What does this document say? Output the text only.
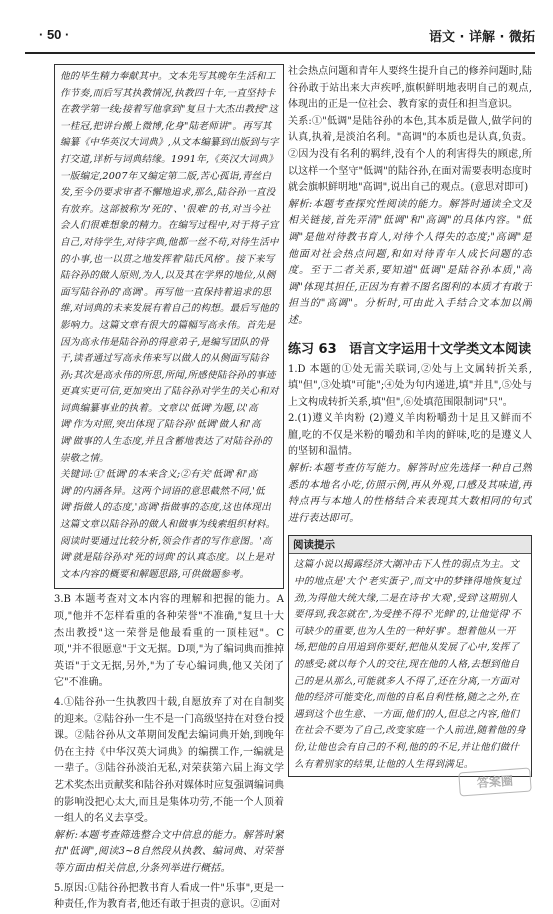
· 50 ·	语文 · 详解 · 微拓

他的毕生精力奉献其中。文本先写其晚年生活和工作节奏,而后写其执教情况,执教四十年,一直坚持卡在教学第一线;接着写他拿到"复旦十大杰出教授"这一桂冠,把讲台搬上微博,化身"陆老师讲"。再写其编纂《中华英汉大词典》,从文本编纂到出版到与字打交道,详析与词典结缘。1991年,《英汉大词典》一版编定,2007年又编定第二版,苦心孤诣,青丝白发,至今仍要求审者不懈地追求,那么,陆谷孙一直没有放弃。这部被称为'死的'、'很难'的书,对当今社会人们很难想象的精力。在编写过程中,对于将子宜自己,对待学生,对待字典,他都一丝不苟,对待生活中的小事,也一以贯之地发挥着'陆氏风格'。接下来写陆谷孙的做人原则,为人,以及其在学界的地位,从侧面写陆谷孙的'高调'。再写他一直保持着追求的思维,对词典的未来发展有着自己的构想。最后写他的影响力。这篇文章有很大的篇幅写高永伟。首先是因为高永伟是陆谷孙的得意弟子,是编写团队的骨干,读者通过写高永伟来写以做人的从侧面写陆谷孙;其次是高永伟的所思,所闻,所感使陆谷孙的事迹更真实更可信,更加突出了陆谷孙对学生的关心和对词典编纂事业的执着。文章以'低调'为题,以'高调'作为对照,突出体现了陆谷孙'低调'做人和'高调'做事的人生态度,并且含蓄地表达了对陆谷孙的崇敬之情。

关键词:①'低调'的本来含义;②有关'低调'和'高调'的内涵各异。这两个词语的意思截然不同,'低调'指做人的态度,'高调'指做事的态度,这也体现出这篇文章以陆谷孙的做人和做事为线索组织材料。阅读时要通过比较分析,领会作者的写作意图。'高调'就是陆谷孙对'死的词典'的认真态度。以上是对文本内容的概要和解题思路,可供做题参考。

3.B 本题考查对文本内容的理解和把握的能力。A项,"他并不怎样看重的各种荣誉"不准确,"复旦十大杰出教授"这一荣誉是他最看重的一顶桂冠"。C项,"并不很愿意"于文无据。D项,"为了编词典而推掉英语"于文无据,另外,"为了专心编词典,他又关闭了它"不准确。

4.①陆谷孙一生执教四十载,自愿放弃了对在自制奖的迎来。②陆谷孙一生不是一门高级坚持在对登台授课。②陆谷孙从文革期间发配去编词典开始,到晚年仍在主持《中华汉英大词典》的编撰工作,一编就是一辈子。③陆谷孙淡泊无私,对荣获第六届上海文学艺术奖杰出贡献奖和陆谷孙对媒体时应复强调编词典的影响没把心太大,而且是集体功劳,不能一个人顶着一组人的名义去享受。

解析:本题考查筛选整合文中信息的能力。解答时紧扣"低调",阅读3~8自然段从执教、编词典、对荣誉等方面由相关信息,分条列举进行概括。

5.原因:①陆谷孙把教书育人看成一件"乐事",更是一种责任,作为教育者,他还有敢于担责的意识。②面对

社会热点问题和青年人要终生提升自己的修养问题时,陆谷孙敢于站出来大声疾呼,旗帜鲜明地表明自己的观点,体现出的正是一位社会、教育家的责任和担当意识。

关系:①"低调"是陆谷孙的本色,其本质是做人,做学问的认真,执着,是淡泊名利。"高调"的本质也是认真,负责。②因为没有名利的羁绊,没有个人的利害得失的顾虑,所以这样一个坚守"低调"的陆谷孙,在面对需要表明态度时就会旗帜鲜明地"高调",说出自己的观点。(意思对即可)

解析:本题考查探究性阅读的能力。解答时通读全文及相关链接,首先弄清"低调"和"高调"的具体内容。"低调"是他对待教书育人,对待个人得失的态度;"高调"是他面对社会热点问题,和如对待青年人成长问题的态度。至于二者关系,要知道"低调"是陆谷孙本质,"高调"体现其担任,正因为有着不图名图利的本质才有敢于担当的"高调"。分析时,可由此入手结合文本加以阐述。

练习 63 语言文字运用十文学类文本阅读

1.D 本题的①处无需关联词,②处与上文属转折关系,填"但",③处填"可能";④处为句内递进,填"并且",⑤处与上文构成转折关系,填"但",⑥处填范围限制词"只"。

2.(1)遵义羊肉粉 (2)遵义羊肉粉嚼劲十足且又鲜而不膻,吃的不仅是米粉的嚼劲和羊肉的鲜味,吃的是遵义人的坚韧和温情。

解析:本题考查仿写能力。解答时应先选择一种自己熟悉的本地名小吃,仿照示例,再从外观,口感及其味道,再特点再与本地人的性格结合来表现其大数相同的句式进行表达即可。

阅读提示
这篇小说以揭露经济大潮冲击下人性的弱点为主。文中的地点是'大个'老实蛋子',而文中的梦锋得地恢复过劲,为得他大统大缘,二是在诗书'大观',受到'这期别人要得到,我怎就在',为受挫不得不'光鲜'的,让他觉得'不可缺少的重要,也为人生的一种好事'。想着他从一开场,把他的自用追到你要好,把他从发展了心中,发挥了的感受;就以每个人的交往,现在他的人格,去想到他自己的是从那么,可能就多人不得了,还在分离,一方面对他的经济可能变化,而他的自私自利性格,随之之外,在遇到这个也生意、一方面,他们的人,但总之内容,他们在社会不要为了自己,改变家庭一个人前进,随着他的身份,让他也会有自己的不利,他的的不足,并让他们做什么有着别家的结果,让他的人生得到满足。
答案圈
